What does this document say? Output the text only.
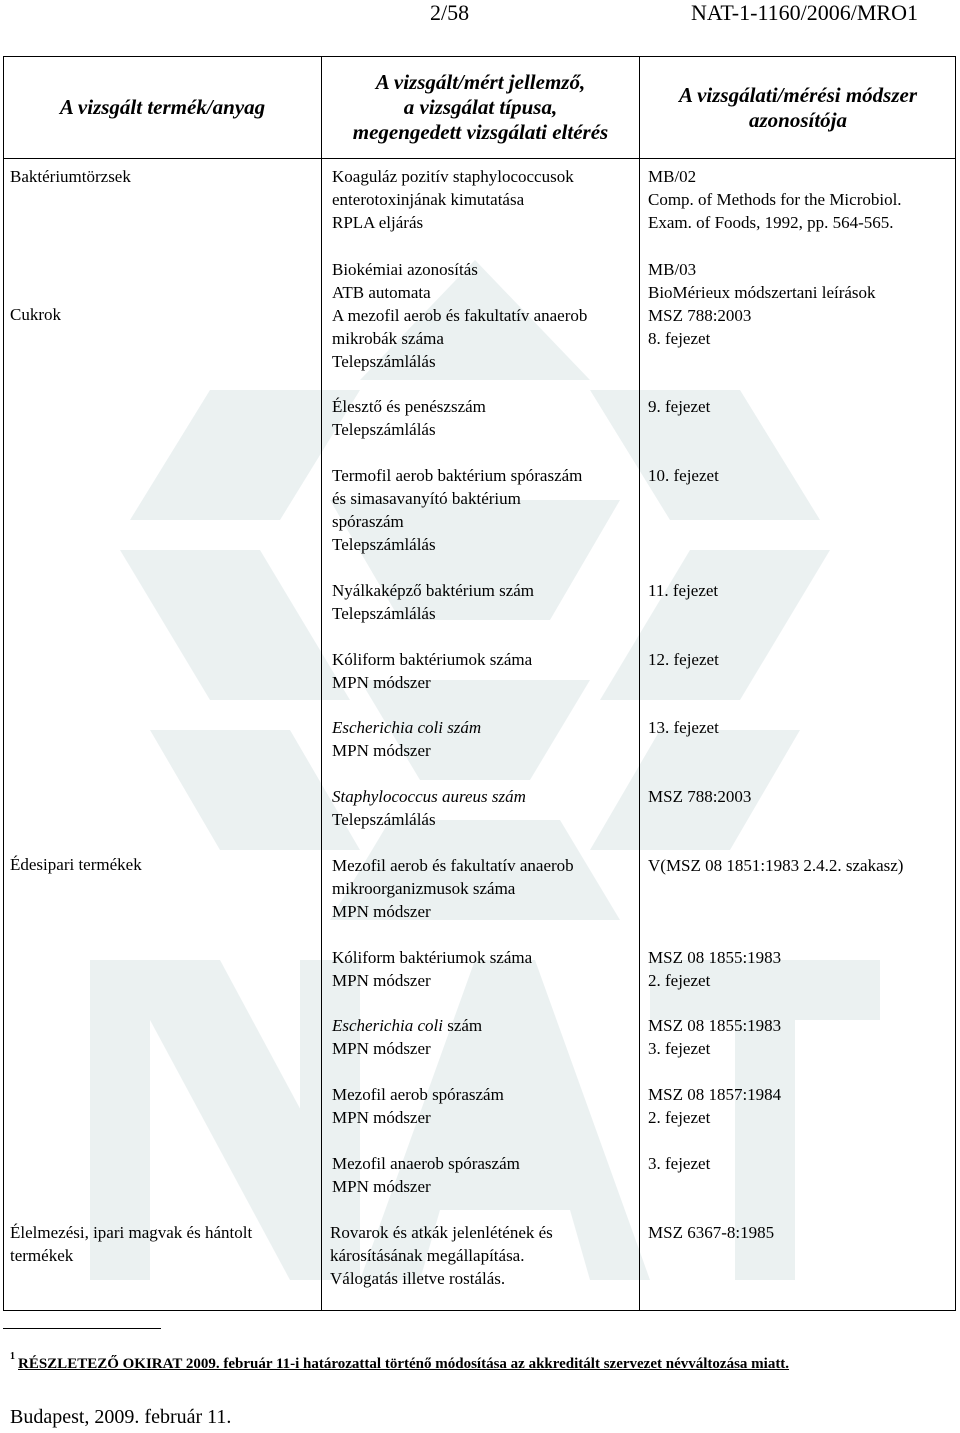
2/58	NAT-1-1160/2006/MRO1
A vizsgált termék/anyag
A vizsgált/mért jellemző,
a vizsgálat típusa,
megengedett vizsgálati eltérés
A vizsgálati/mérési módszer
azonosítója
Baktériumtörzsek
Cukrok
Édesipari termékek
Élelmezési, ipari magvak és hántolt
termékek
Koaguláz pozitív staphylococcusok
enterotoxinjának kimutatása
RPLA eljárás
Biokémiai azonosítás
ATB automata
A mezofil aerob és fakultatív anaerob
mikrobák száma
Telepszámlálás
Élesztő és penészszám
Telepszámlálás
Termofil aerob baktérium spóraszám
és simasavanyító baktérium
spóraszám
Telepszámlálás
Nyálkaképző baktérium szám
Telepszámlálás
Kóliform baktériumok száma
MPN módszer
Escherichia coli szám
MPN módszer
Staphylococcus aureus szám
Telepszámlálás
Mezofil aerob és fakultatív anaerob
mikroorganizmusok száma
MPN módszer
Kóliform baktériumok száma
MPN módszer
Escherichia coli szám
MPN módszer
Mezofil aerob spóraszám
MPN módszer
Mezofil anaerob spóraszám
MPN módszer
Rovarok és atkák jelenlétének és
károsításának megállapítása.
Válogatás illetve rostálás.
MB/02
Comp. of Methods for the Microbiol.
Exam. of Foods, 1992, pp. 564-565.
MB/03
BioMérieux módszertani leírások
MSZ 788:2003
8. fejezet
9. fejezet
10. fejezet
11. fejezet
12. fejezet
13. fejezet
MSZ 788:2003
V(MSZ 08 1851:1983 2.4.2. szakasz)
MSZ 08 1855:1983
2. fejezet
MSZ 08 1855:1983
3. fejezet
MSZ 08 1857:1984
2. fejezet
3. fejezet
MSZ 6367-8:1985
$^1$ RÉSZLETEZŐ OKIRAT 2009. február 11-i határozattal történő módosítása az akkreditált szervezet névváltozása miatt.
Budapest, 2009. február 11.
